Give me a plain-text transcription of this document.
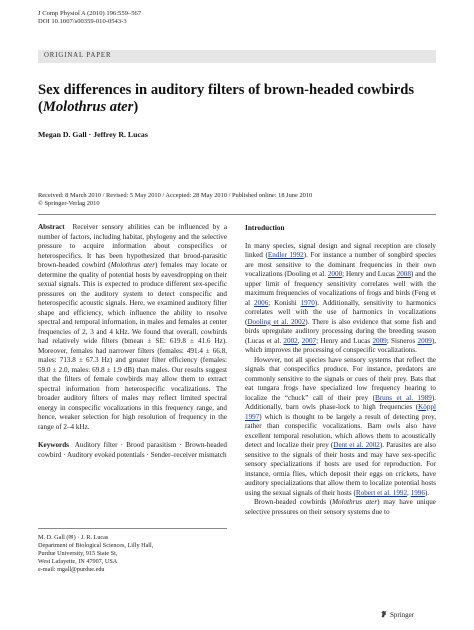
J Comp Physiol A (2010) 196:559–567
DOI 10.1007/s00359-010-0543-3
ORIGINAL PAPER
Sex differences in auditory filters of brown-headed cowbirds
(Molothrus ater)
Megan D. Gall · Jeffrey R. Lucas
Received: 8 March 2010 / Revised: 5 May 2010 / Accepted: 28 May 2010 / Published online: 18 June 2010
© Springer-Verlag 2010

Abstract Receiver sensory abilities can be influenced by a number of factors, including habitat, phylogeny and the selective pressure to acquire information about conspecifics or heterospecifics. It has been hypothesized that brood-parasitic brown-headed cowbird (Molothrus ater) females may locate or determine the quality of potential hosts by eavesdropping on their sexual signals. This is expected to produce different sex-specific pressures on the auditory system to detect conspecific and heterospecific acoustic signals. Here, we examined auditory filter shape and efficiency, which influence the ability to resolve spectral and temporal information, in males and females at center frequencies of 2, 3 and 4 kHz. We found that overall, cowbirds had relatively wide filters (bmean ± SE: 619.8 ± 41.6 Hz). Moreover, females had narrower filters (females: 491.4 ± 66.8, males: 713.8 ± 67.3 Hz) and greater filter efficiency (females: 59.0 ± 2.0, males: 69.8 ± 1.9 dB) than males. Our results suggest that the filters of female cowbirds may allow them to extract spectral information from heterospecific vocalizations. The broader auditory filters of males may reflect limited spectral energy in conspecific vocalizations in this frequency range, and hence, weaker selection for high resolution of frequency in the range of 2–4 kHz.

Keywords Auditory filter · Brood parasitism · Brown-headed cowbird · Auditory evoked potentials · Sender–receiver mismatch

M. D. Gall (✉) · J. R. Lucas
Department of Biological Sciences, Lilly Hall,
Purdue University, 915 State St,
West Lafayette, IN 47907, USA
e-mail: mgall@purdue.edu
Introduction

In many species, signal design and signal reception are closely linked (Endler 1992). For instance a number of songbird species are most sensitive to the dominant frequencies in their own vocalizations (Dooling et al. 2000; Henry and Lucas 2008) and the upper limit of frequency sensitivity correlates well with the maximum frequencies of vocalizations of frogs and birds (Feng et al 2006; Konishi 1970). Additionally, sensitivity to harmonics correlates well with the use of harmonics in vocalizations (Dooling et al. 2002). There is also evidence that some fish and birds upregulate auditory processing during the breeding season (Lucas et al. 2002, 2007; Henry and Lucas 2009; Sisneros 2009), which improves the processing of conspecific vocalizations.

However, not all species have sensory systems that reflect the signals that conspecifics produce. For instance, predators are commonly sensitive to the signals or cues of their prey. Bats that eat tungara frogs have specialized low frequency hearing to localize the “chuck” call of their prey (Bruns et al. 1989). Additionally, barn owls phase-lock to high frequencies (Köppl 1997) which is thought to be largely a result of detecting prey, rather than conspecific vocalizations. Barn owls also have excellent temporal resolution, which allows them to acoustically detect and localize their prey (Dent et al. 2002). Parasites are also sensitive to the signals of their hosts and may have sex-specific sensory specializations if hosts are used for reproduction. For instance, ormia flies, which deposit their eggs on crickets, have auditory specializations that allow them to localize potential hosts using the sexual signals of their hosts (Robert et al. 1992, 1996).

Brown-headed cowbirds (Molothrus ater) may have unique selective pressures on their sensory systems due to

Springer
